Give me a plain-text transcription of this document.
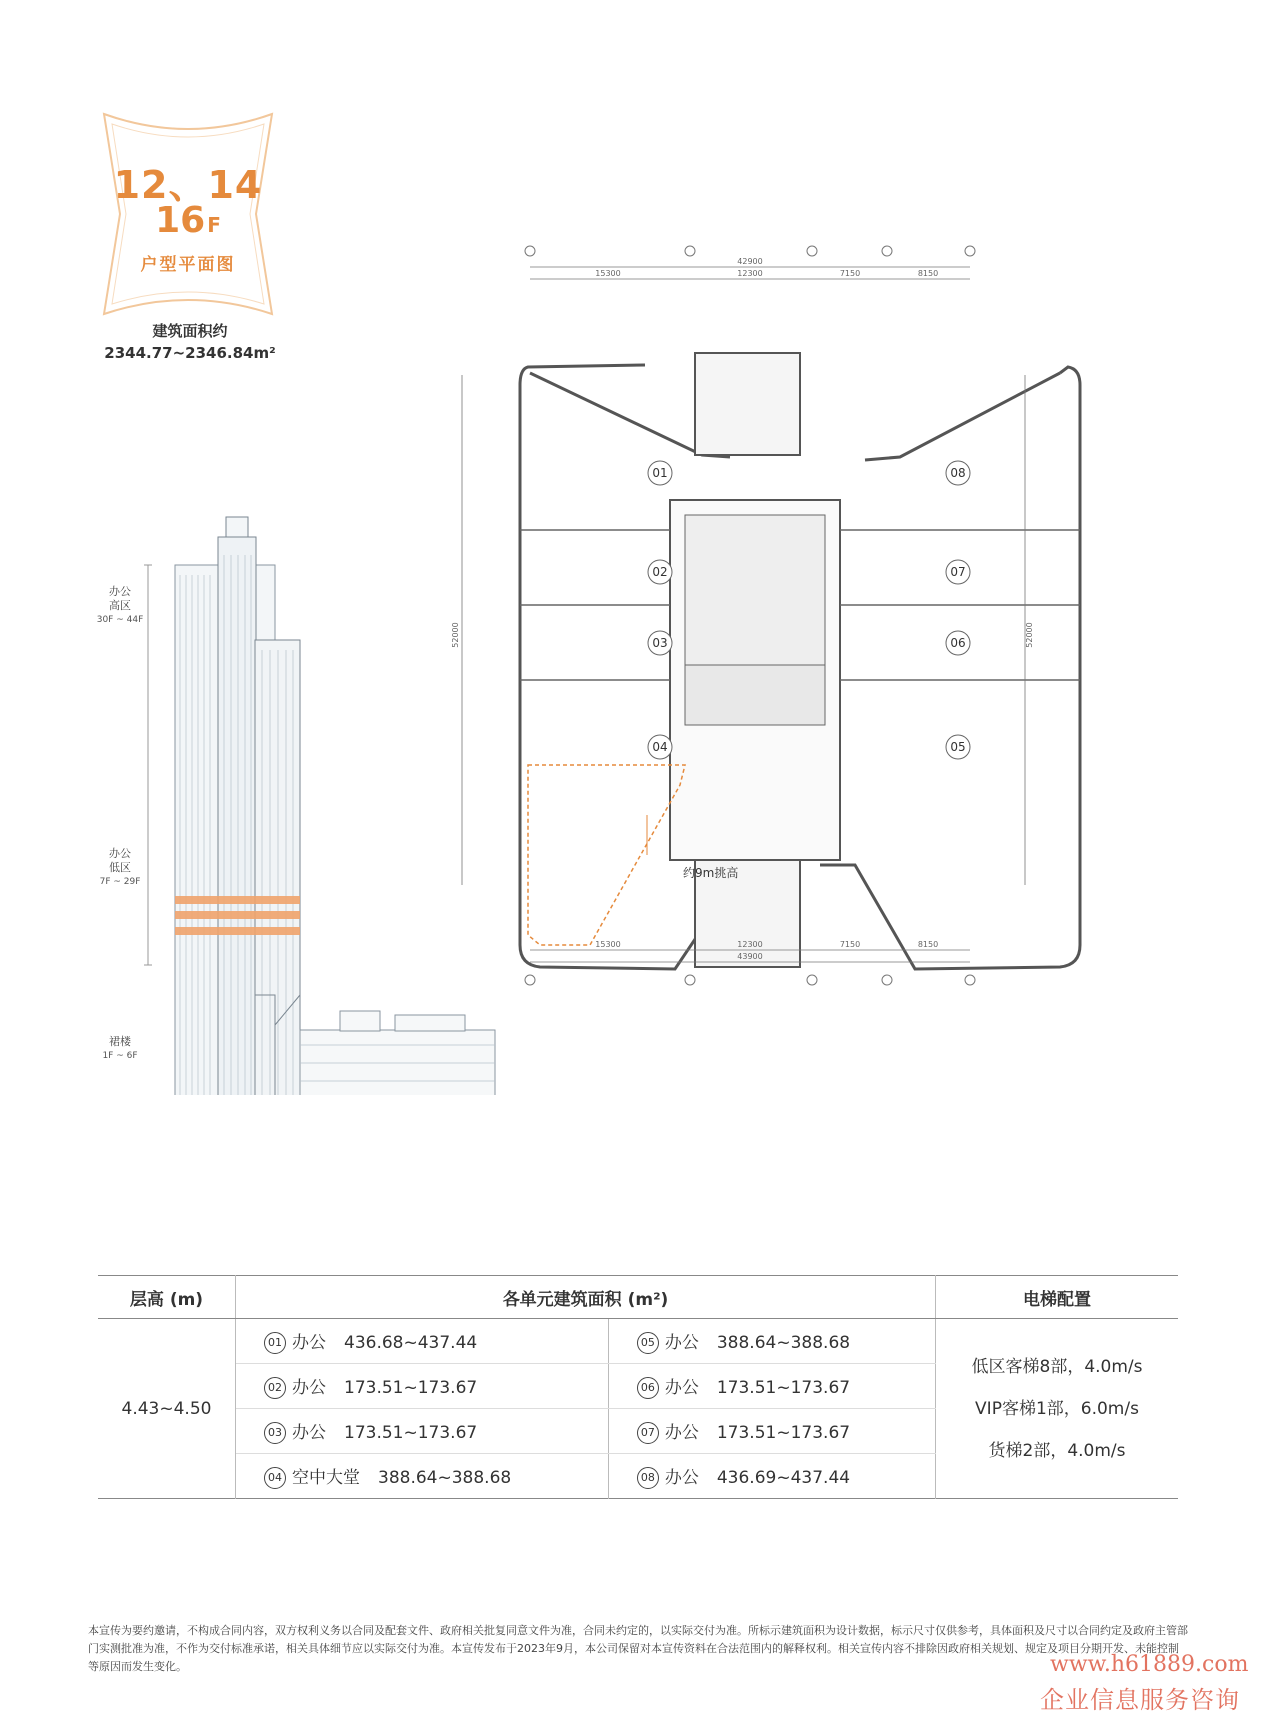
12、14
16 F
户型平面图
建筑面积约
2344.77~2346.84m²
办公
高区
30F ~ 44F
办公
低区
7F ~ 29F
裙楼
1F ~ 6F
42900
15300	12300	7150	8150
15300	12300	7150	8150
43900
52000	52000
01
02
03
04	05
06
07
08
约9m挑高
层高 (m)	各单元建筑面积 (m²)		电梯配置
4.43~4.50	01 办公 436.68~437.44	05 办公 388.64~388.68	低区客梯8部，4.0m/s
VIP客梯1部，6.0m/s
货梯2部，4.0m/s

	02 办公 173.51~173.67	06 办公 173.51~173.67	
	03 办公 173.51~173.67	07 办公 173.51~173.67	
	04 空中大堂 388.64~388.68	08 办公 436.69~437.44	
本宣传为要约邀请，不构成合同内容，双方权利义务以合同及配套文件、政府相关批复同意文件为准，合同未约定的，以实际交付为准。所标示建筑面积为设计数据，标示尺寸仅供参考，具体面积及尺寸以合同约定及政府主管部门实测批准为准，不作为交付标准承诺，相关具体细节应以实际交付为准。本宣传发布于2023年9月，本公司保留对本宣传资料在合法范围内的解释权利。相关宣传内容不排除因政府相关规划、规定及项目分期开发、未能控制等原因而发生变化。	www.h61889.com
企业信息服务咨询
